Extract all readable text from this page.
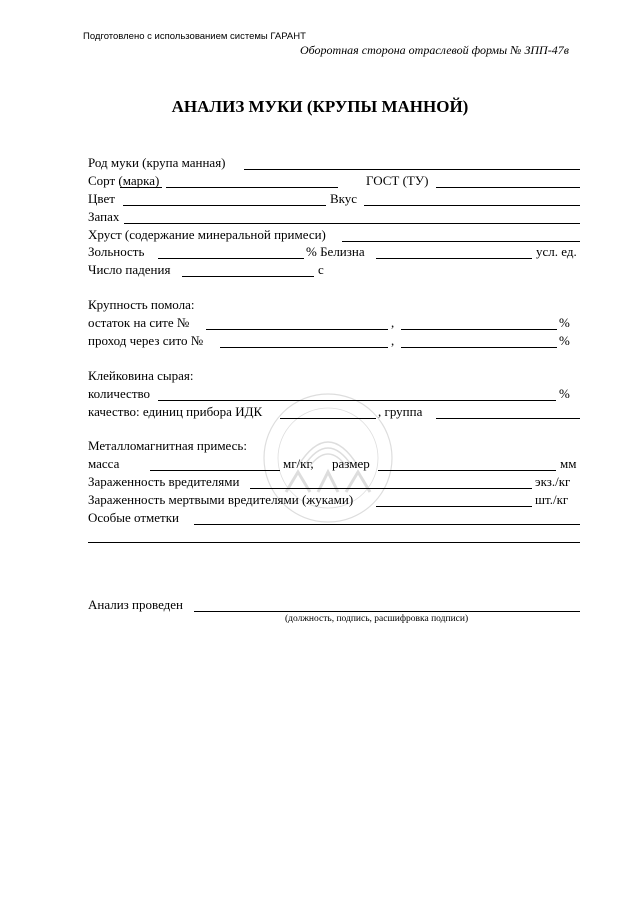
Подготовлено с использованием системы ГАРАНТ
Оборотная сторона отраслевой формы № ЗПП-47в
АНАЛИЗ МУКИ (КРУПЫ МАННОЙ)
Род муки (крупа манная)
Сорт (марка)	ГОСТ (ТУ)
Цвет	Вкус
Запах
Хруст (содержание минеральной примеси)
Зольность	% Белизна	усл. ед.
Число падения	с
Крупность помола:
остаток на сите №	,	%
проход через сито №	,	%
Клейковина сырая:
количество	%
качество: единиц прибора ИДК	, группа
Металломагнитная примесь:
масса	мг/кг, размер	мм
Зараженность вредителями	экз./кг
Зараженность мертвыми вредителями (жуками)	шт./кг
Особые отметки
Анализ проведен
(должность, подпись, расшифровка подписи)
